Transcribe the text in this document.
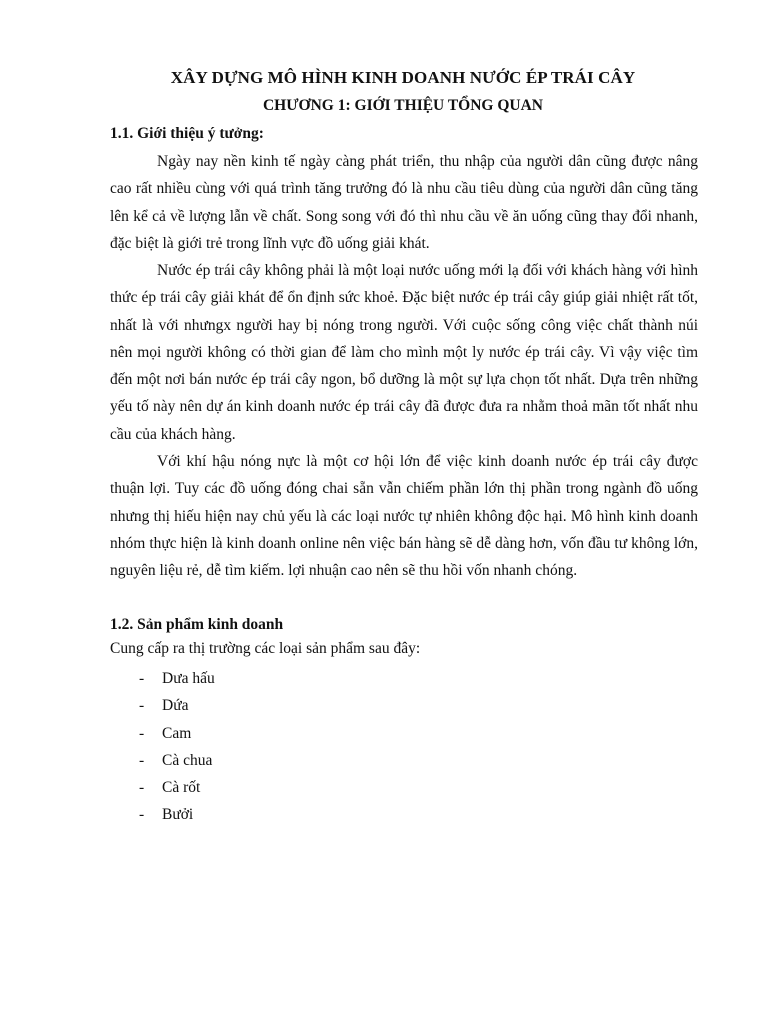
XÂY DỰNG MÔ HÌNH KINH DOANH NƯỚC ÉP TRÁI CÂY
CHƯƠNG 1: GIỚI THIỆU TỔNG QUAN
1.1. Giới thiệu ý tưởng:

Ngày nay nền kinh tế ngày càng phát triển, thu nhập của người dân cũng được nâng cao rất nhiều cùng với quá trình tăng trưởng đó là nhu cầu tiêu dùng của người dân cũng tăng lên kể cả về lượng lẫn về chất. Song song với đó thì nhu cầu về ăn uống cũng thay đổi nhanh, đặc biệt là giới trẻ trong lĩnh vực đồ uống giải khát.

Nước ép trái cây không phải là một loại nước uống mới lạ đối với khách hàng với hình thức ép trái cây giải khát để ổn định sức khoẻ. Đặc biệt nước ép trái cây giúp giải nhiệt rất tốt, nhất là với nhưngx người hay bị nóng trong người. Với cuộc sống công việc chất thành núi nên mọi người không có thời gian để làm cho mình một ly nước ép trái cây. Vì vậy việc tìm đến một nơi bán nước ép trái cây ngon, bổ dưỡng là một sự lựa chọn tốt nhất. Dựa trên những yếu tố này nên dự án kinh doanh nước ép trái cây đã được đưa ra nhằm thoả mãn tốt nhất nhu cầu của khách hàng.

Với khí hậu nóng nực là một cơ hội lớn để việc kinh doanh nước ép trái cây được thuận lợi. Tuy các đồ uống đóng chai sẵn vẫn chiếm phần lớn thị phần trong ngành đồ uống nhưng thị hiếu hiện nay chủ yếu là các loại nước tự nhiên không độc hại. Mô hình kinh doanh nhóm thực hiện là kinh doanh online nên việc bán hàng sẽ dễ dàng hơn, vốn đầu tư không lớn, nguyên liệu rẻ, dễ tìm kiếm. lợi nhuận cao nên sẽ thu hồi vốn nhanh chóng.

1.2. Sản phẩm kinh doanh
Cung cấp ra thị trường các loại sản phẩm sau đây:
- Dưa hấu
- Dứa
- Cam
- Cà chua
- Cà rốt
- Bưởi
